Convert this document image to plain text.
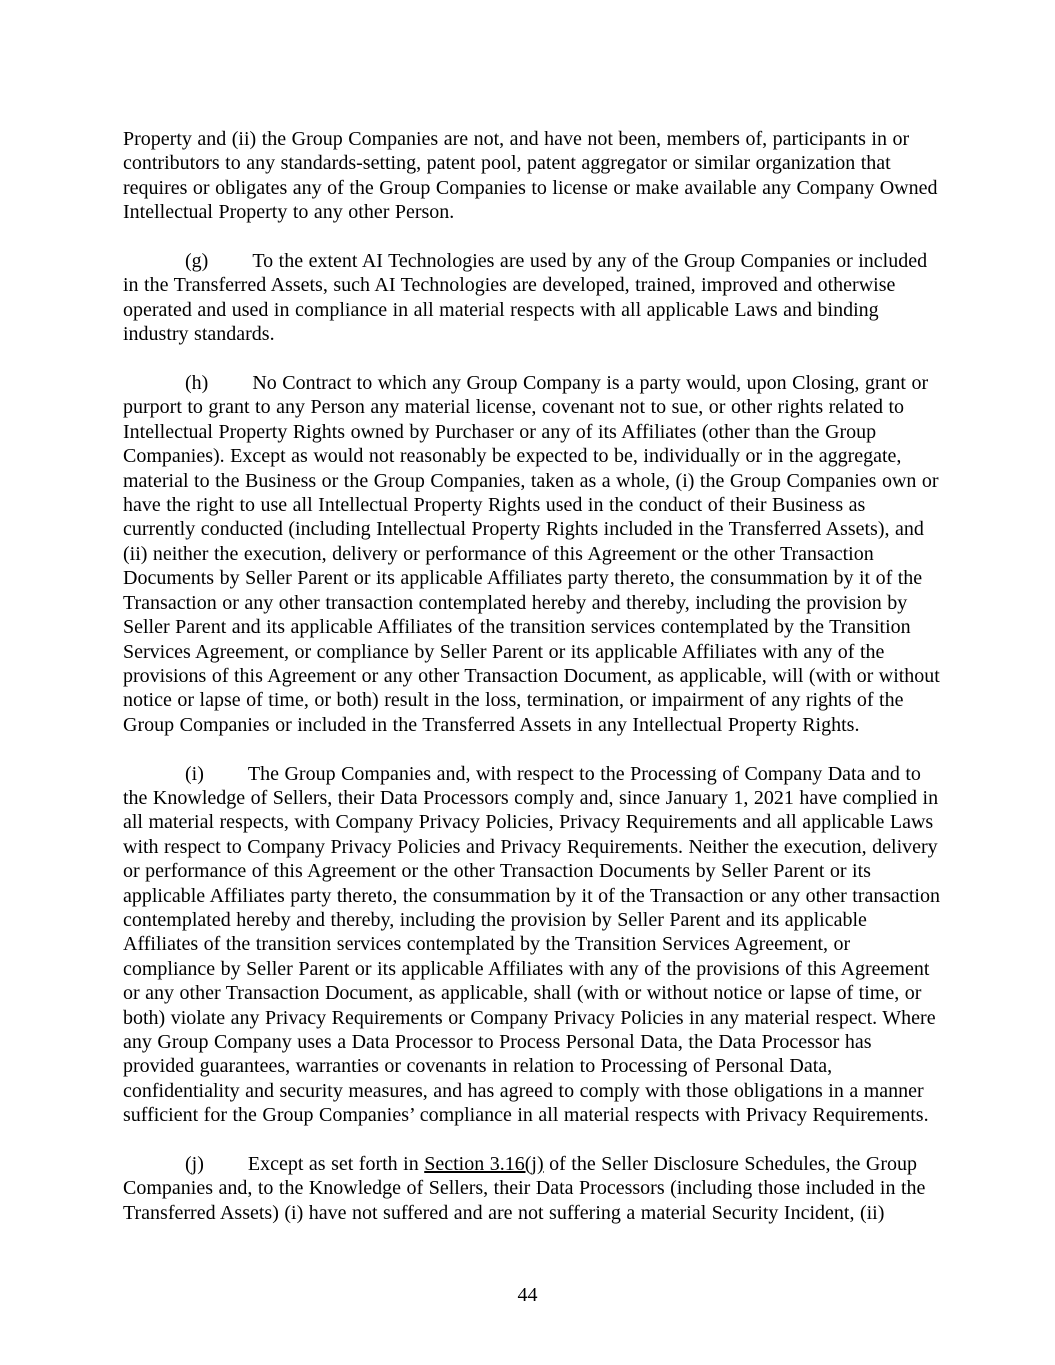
Property and (ii) the Group Companies are not, and have not been, members of, participants in or contributors to any standards-setting, patent pool, patent aggregator or similar organization that requires or obligates any of the Group Companies to license or make available any Company Owned Intellectual Property to any other Person.

(g) To the extent AI Technologies are used by any of the Group Companies or included in the Transferred Assets, such AI Technologies are developed, trained, improved and otherwise operated and used in compliance in all material respects with all applicable Laws and binding industry standards.

(h) No Contract to which any Group Company is a party would, upon Closing, grant or purport to grant to any Person any material license, covenant not to sue, or other rights related to Intellectual Property Rights owned by Purchaser or any of its Affiliates (other than the Group Companies). Except as would not reasonably be expected to be, individually or in the aggregate, material to the Business or the Group Companies, taken as a whole, (i) the Group Companies own or have the right to use all Intellectual Property Rights used in the conduct of their Business as currently conducted (including Intellectual Property Rights included in the Transferred Assets), and (ii) neither the execution, delivery or performance of this Agreement or the other Transaction Documents by Seller Parent or its applicable Affiliates party thereto, the consummation by it of the Transaction or any other transaction contemplated hereby and thereby, including the provision by Seller Parent and its applicable Affiliates of the transition services contemplated by the Transition Services Agreement, or compliance by Seller Parent or its applicable Affiliates with any of the provisions of this Agreement or any other Transaction Document, as applicable, will (with or without notice or lapse of time, or both) result in the loss, termination, or impairment of any rights of the Group Companies or included in the Transferred Assets in any Intellectual Property Rights.

(i) The Group Companies and, with respect to the Processing of Company Data and to the Knowledge of Sellers, their Data Processors comply and, since January 1, 2021 have complied in all material respects, with Company Privacy Policies, Privacy Requirements and all applicable Laws with respect to Company Privacy Policies and Privacy Requirements. Neither the execution, delivery or performance of this Agreement or the other Transaction Documents by Seller Parent or its applicable Affiliates party thereto, the consummation by it of the Transaction or any other transaction contemplated hereby and thereby, including the provision by Seller Parent and its applicable Affiliates of the transition services contemplated by the Transition Services Agreement, or compliance by Seller Parent or its applicable Affiliates with any of the provisions of this Agreement or any other Transaction Document, as applicable, shall (with or without notice or lapse of time, or both) violate any Privacy Requirements or Company Privacy Policies in any material respect. Where any Group Company uses a Data Processor to Process Personal Data, the Data Processor has provided guarantees, warranties or covenants in relation to Processing of Personal Data, confidentiality and security measures, and has agreed to comply with those obligations in a manner sufficient for the Group Companies’ compliance in all material respects with Privacy Requirements.

(j) Except as set forth in Section 3.16(j) of the Seller Disclosure Schedules, the Group Companies and, to the Knowledge of Sellers, their Data Processors (including those included in the Transferred Assets) (i) have not suffered and are not suffering a material Security Incident, (ii)

44
